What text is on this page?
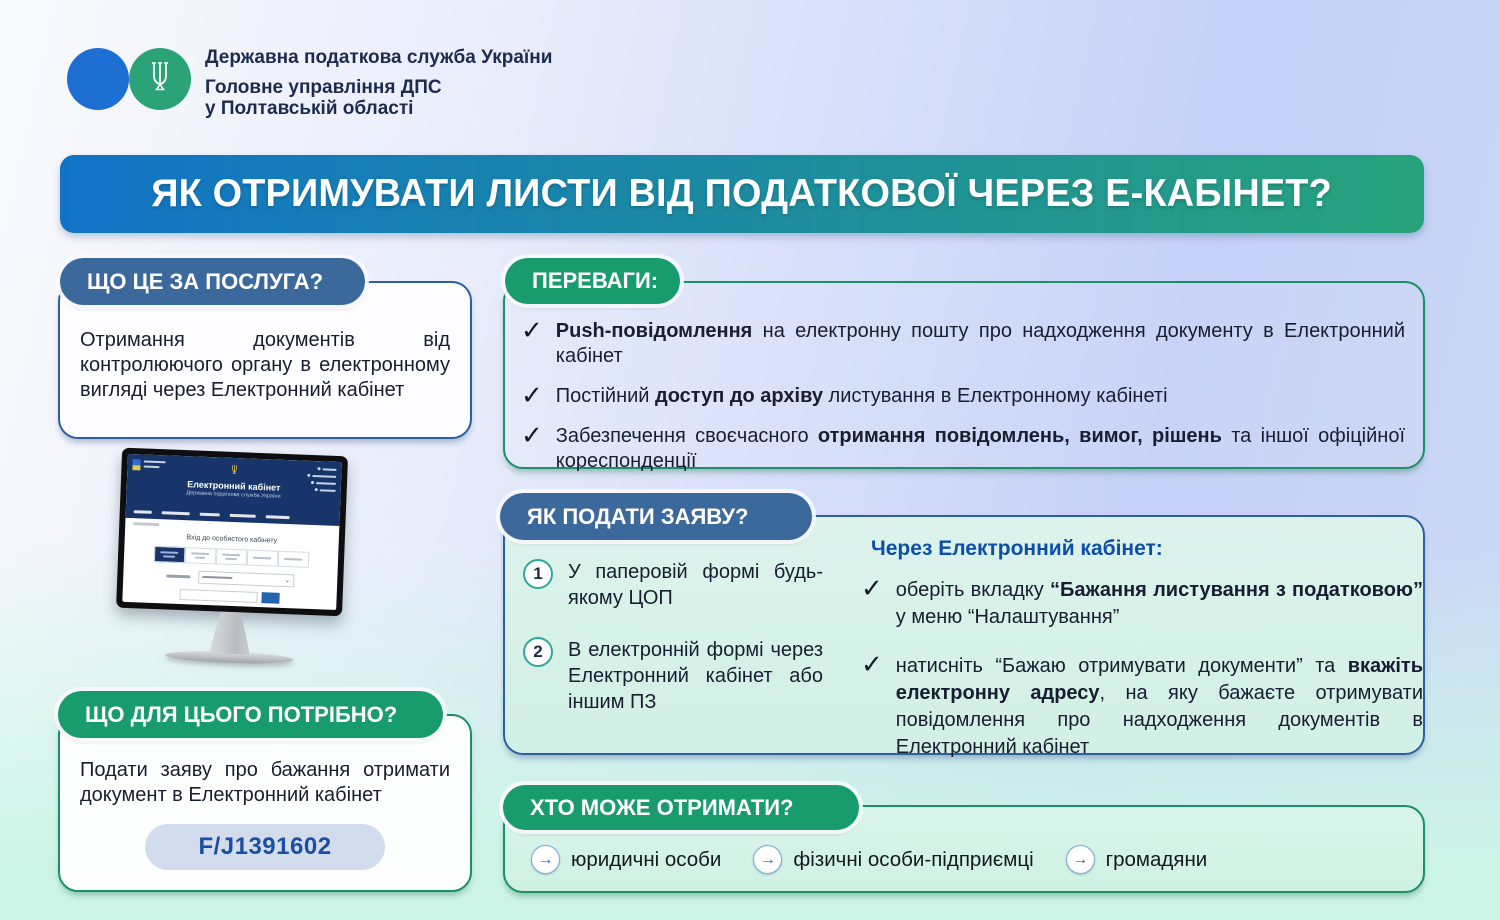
Державна податкова служба України
Головне управління ДПС
у Полтавській області
ЯК ОТРИМУВАТИ ЛИСТИ ВІД ПОДАТКОВОЇ ЧЕРЕЗ Е-КАБІНЕТ?
ЩО ЦЕ ЗА ПОСЛУГА?
Отримання документів від контролюючого органу в електронному вигляді через Електронний кабінет
Електронний кабінет
Державна податкова служба України
Вхід до особистого кабінету
⌄
ЩО ДЛЯ ЦЬОГО ПОТРІБНО?
Подати заяву про бажання отримати документ в Електронний кабінет
F/J1391602
ПЕРЕВАГИ:
✓ Push-повідомлення на електронну пошту про надходження документу в Електронний кабінет
✓ Постійний доступ до архіву листування в Електронному кабінеті
✓ Забезпечення своєчасного отримання повідомлень, вимог, рішень та іншої офіційної кореспонденції
ЯК ПОДАТИ ЗАЯВУ?
1	У паперовій формі будь-якому ЦОП
2	В електронній формі через Електронний кабінет або іншим ПЗ
Через Електронний кабінет:
✓ оберіть вкладку “Бажання листування з податковою” у меню “Налаштування”
✓ натисніть “Бажаю отримувати документи” та вкажіть електронну адресу, на яку бажаєте отримувати повідомлення про надходження документів в Електронний кабінет
ХТО МОЖЕ ОТРИМАТИ?
→ юридичні особи	→ фізичні особи-підприємці	→ громадяни
